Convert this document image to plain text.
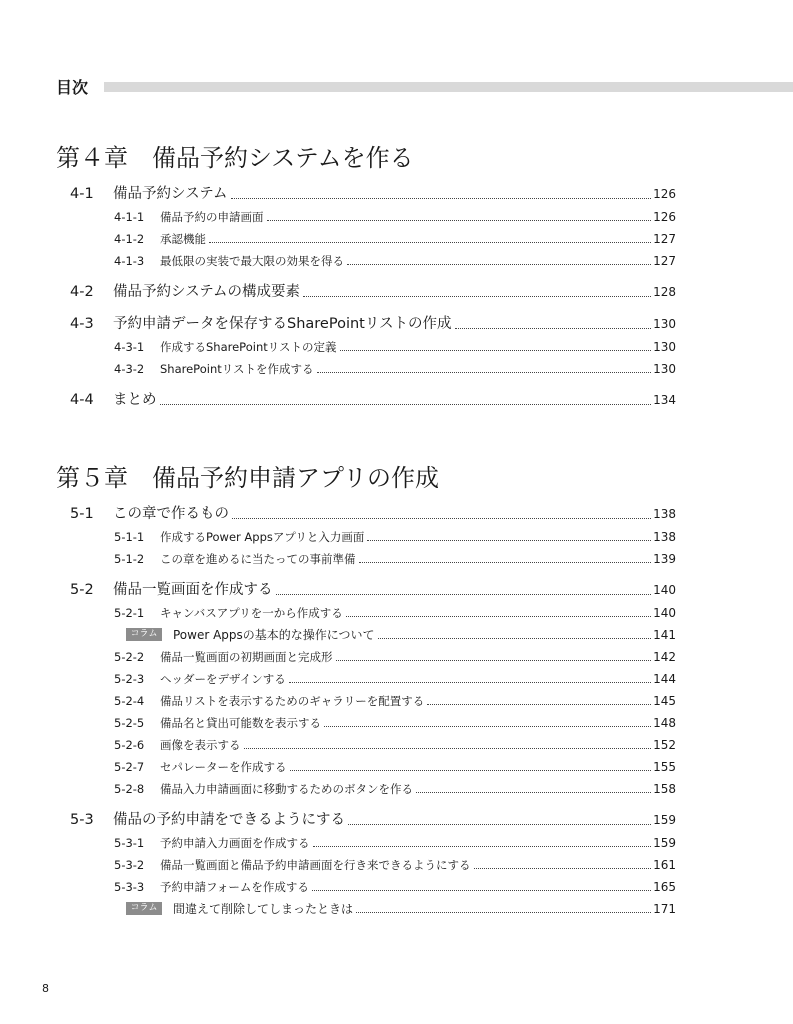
目次
第４章 備品予約システムを作る
4-1	備品予約システム	126
4-1-1	備品予約の申請画面	126
4-1-2	承認機能	127
4-1-3	最低限の実装で最大限の効果を得る	127
4-2	備品予約システムの構成要素	128
4-3	予約申請データを保存するSharePointリストの作成	130
4-3-1	作成するSharePointリストの定義	130
4-3-2	SharePointリストを作成する	130
4-4	まとめ	134
第５章 備品予約申請アプリの作成
5-1	この章で作るもの	138
5-1-1	作成するPower Appsアプリと入力画面	138
5-1-2	この章を進めるに当たっての事前準備	139
5-2	備品一覧画面を作成する	140
5-2-1	キャンバスアプリを一から作成する	140
コラム	Power Appsの基本的な操作について	141
5-2-2	備品一覧画面の初期画面と完成形	142
5-2-3	ヘッダーをデザインする	144
5-2-4	備品リストを表示するためのギャラリーを配置する	145
5-2-5	備品名と貸出可能数を表示する	148
5-2-6	画像を表示する	152
5-2-7	セパレーターを作成する	155
5-2-8	備品入力申請画面に移動するためのボタンを作る	158
5-3	備品の予約申請をできるようにする	159
5-3-1	予約申請入力画面を作成する	159
5-3-2	備品一覧画面と備品予約申請画面を行き来できるようにする	161
5-3-3	予約申請フォームを作成する	165
コラム	間違えて削除してしまったときは	171
8
